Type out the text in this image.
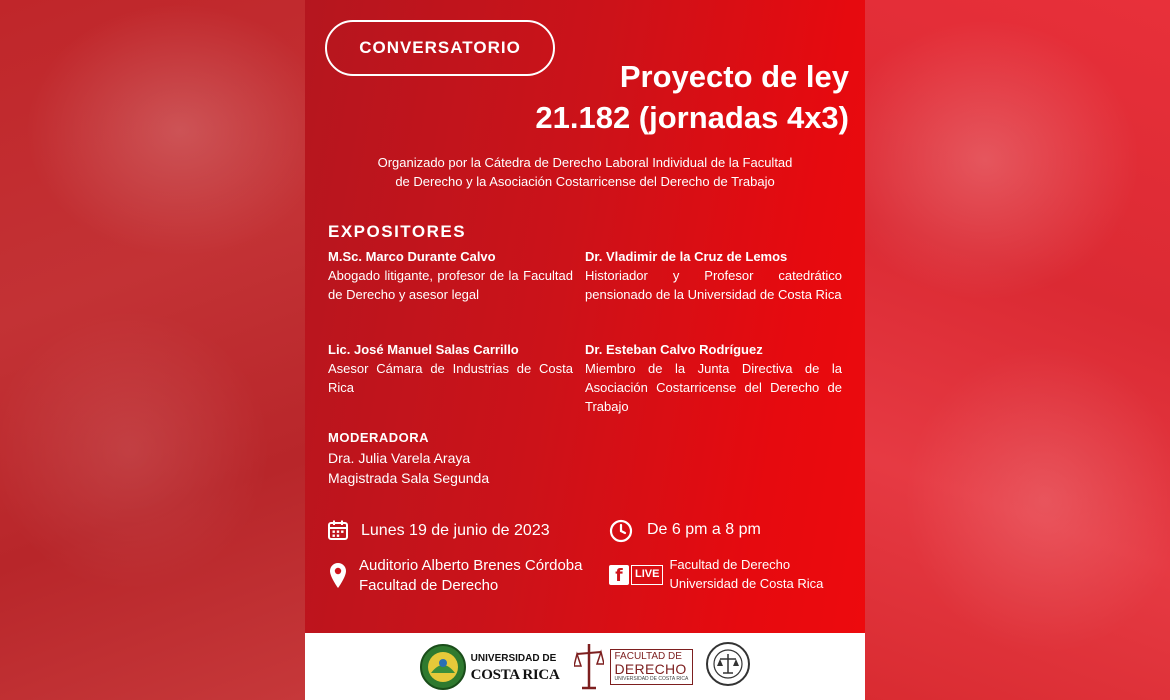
CONVERSATORIO
Proyecto de ley
21.182 (jornadas 4x3)
Organizado por la Cátedra de Derecho Laboral Individual de la Facultad
de Derecho y la Asociación Costarricense del Derecho de Trabajo
EXPOSITORES
M.Sc. Marco Durante Calvo
Abogado litigante, profesor de la Facultad de Derecho y asesor legal
Dr. Vladimir de la Cruz de Lemos
Historiador y Profesor catedrático pensionado de la Universidad de Costa Rica
Lic. José Manuel Salas Carrillo
Asesor Cámara de Industrias de Costa Rica
Dr. Esteban Calvo Rodríguez
Miembro de la Junta Directiva de la Asociación Costarricense del Derecho de Trabajo
MODERADORA
Dra. Julia Varela Araya
Magistrada Sala Segunda
Lunes 19 de junio de 2023	De 6 pm a 8 pm
Auditorio Alberto Brenes Córdoba
Facultad de Derecho	f	LIVE
Facultad de Derecho
Universidad de Costa Rica
UNIVERSIDAD DE
COSTA RICA
FACULTAD DE
DERECHO
UNIVERSIDAD DE COSTA RICA
